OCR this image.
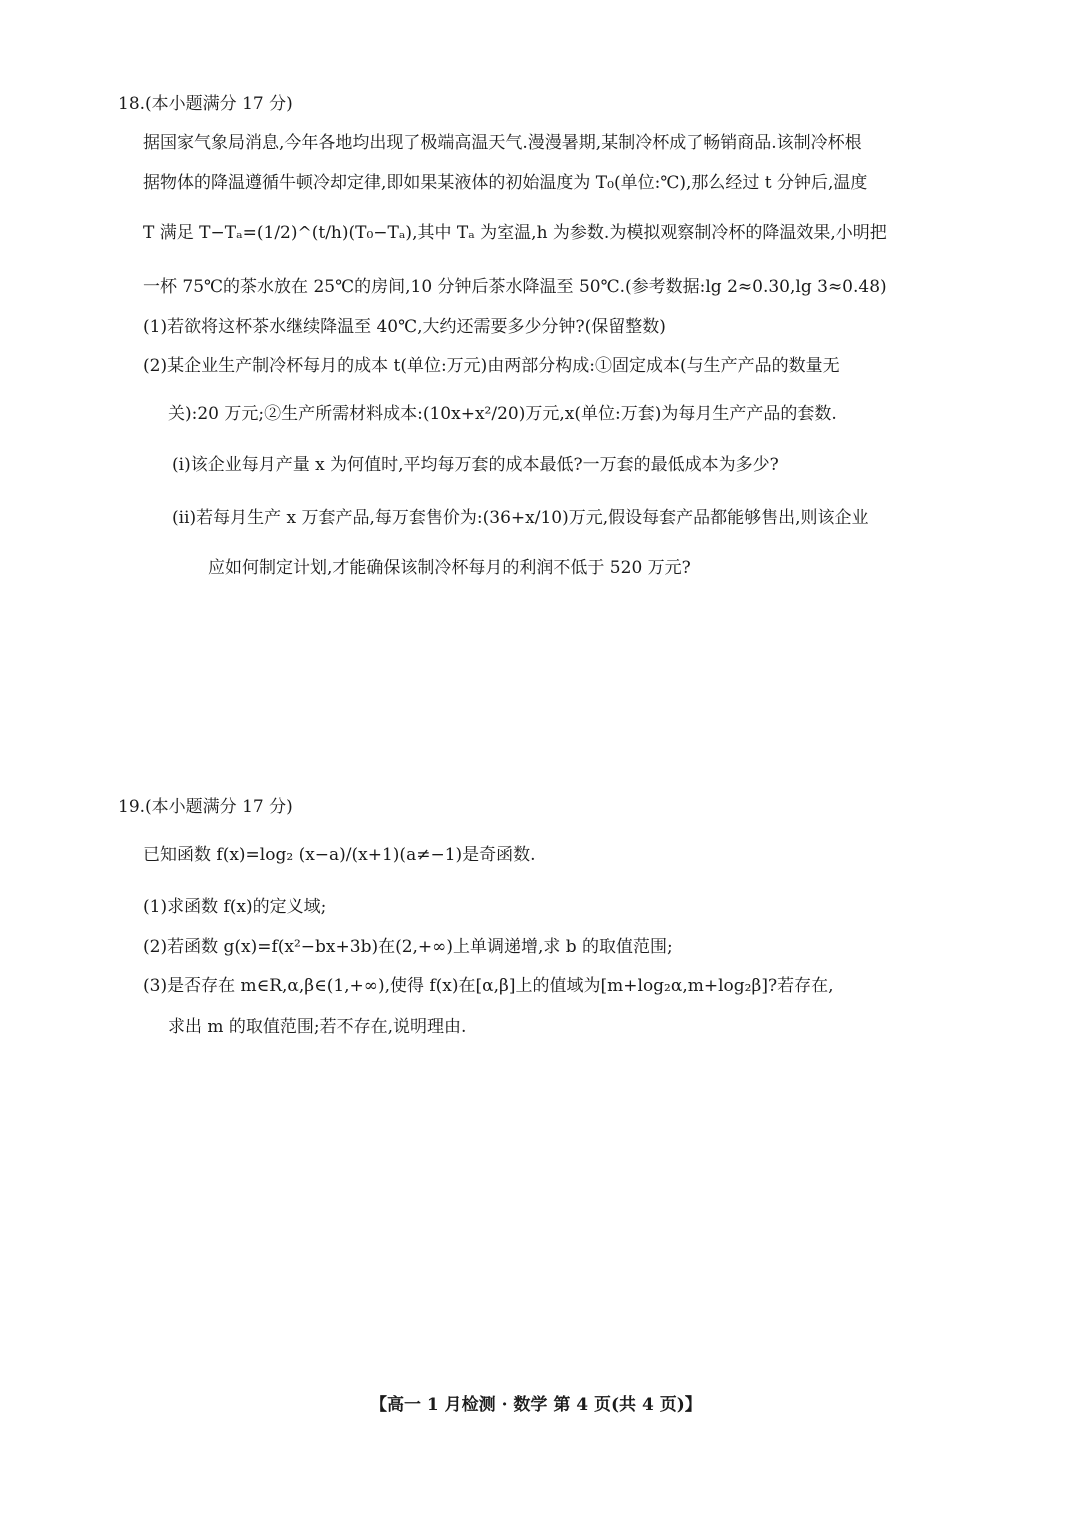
18.(本小题满分 17 分)
据国家气象局消息,今年各地均出现了极端高温天气.漫漫暑期,某制冷杯成了畅销商品.该制冷杯根
据物体的降温遵循牛顿冷却定律,即如果某液体的初始温度为 T₀(单位:℃),那么经过 t 分钟后,温度
T 满足 T−Tₐ=(1/2)^(t/h)(T₀−Tₐ),其中 Tₐ 为室温,h 为参数.为模拟观察制冷杯的降温效果,小明把
一杯 75℃的茶水放在 25℃的房间,10 分钟后茶水降温至 50℃.(参考数据:lg 2≈0.30,lg 3≈0.48)
(1)若欲将这杯茶水继续降温至 40℃,大约还需要多少分钟?(保留整数)
(2)某企业生产制冷杯每月的成本 t(单位:万元)由两部分构成:①固定成本(与生产产品的数量无
关):20 万元;②生产所需材料成本:(10x+x²/20)万元,x(单位:万套)为每月生产产品的套数.
(ⅰ)该企业每月产量 x 为何值时,平均每万套的成本最低?一万套的最低成本为多少?
(ⅱ)若每月生产 x 万套产品,每万套售价为:(36+x/10)万元,假设每套产品都能够售出,则该企业
应如何制定计划,才能确保该制冷杯每月的利润不低于 520 万元?
19.(本小题满分 17 分)
已知函数 f(x)=log₂ (x−a)/(x+1)(a≠−1)是奇函数.
(1)求函数 f(x)的定义域;
(2)若函数 g(x)=f(x²−bx+3b)在(2,+∞)上单调递增,求 b 的取值范围;
(3)是否存在 m∈R,α,β∈(1,+∞),使得 f(x)在[α,β]上的值域为[m+log₂α,m+log₂β]?若存在,
求出 m 的取值范围;若不存在,说明理由.
【高一 1 月检测 · 数学 第 4 页(共 4 页)】
